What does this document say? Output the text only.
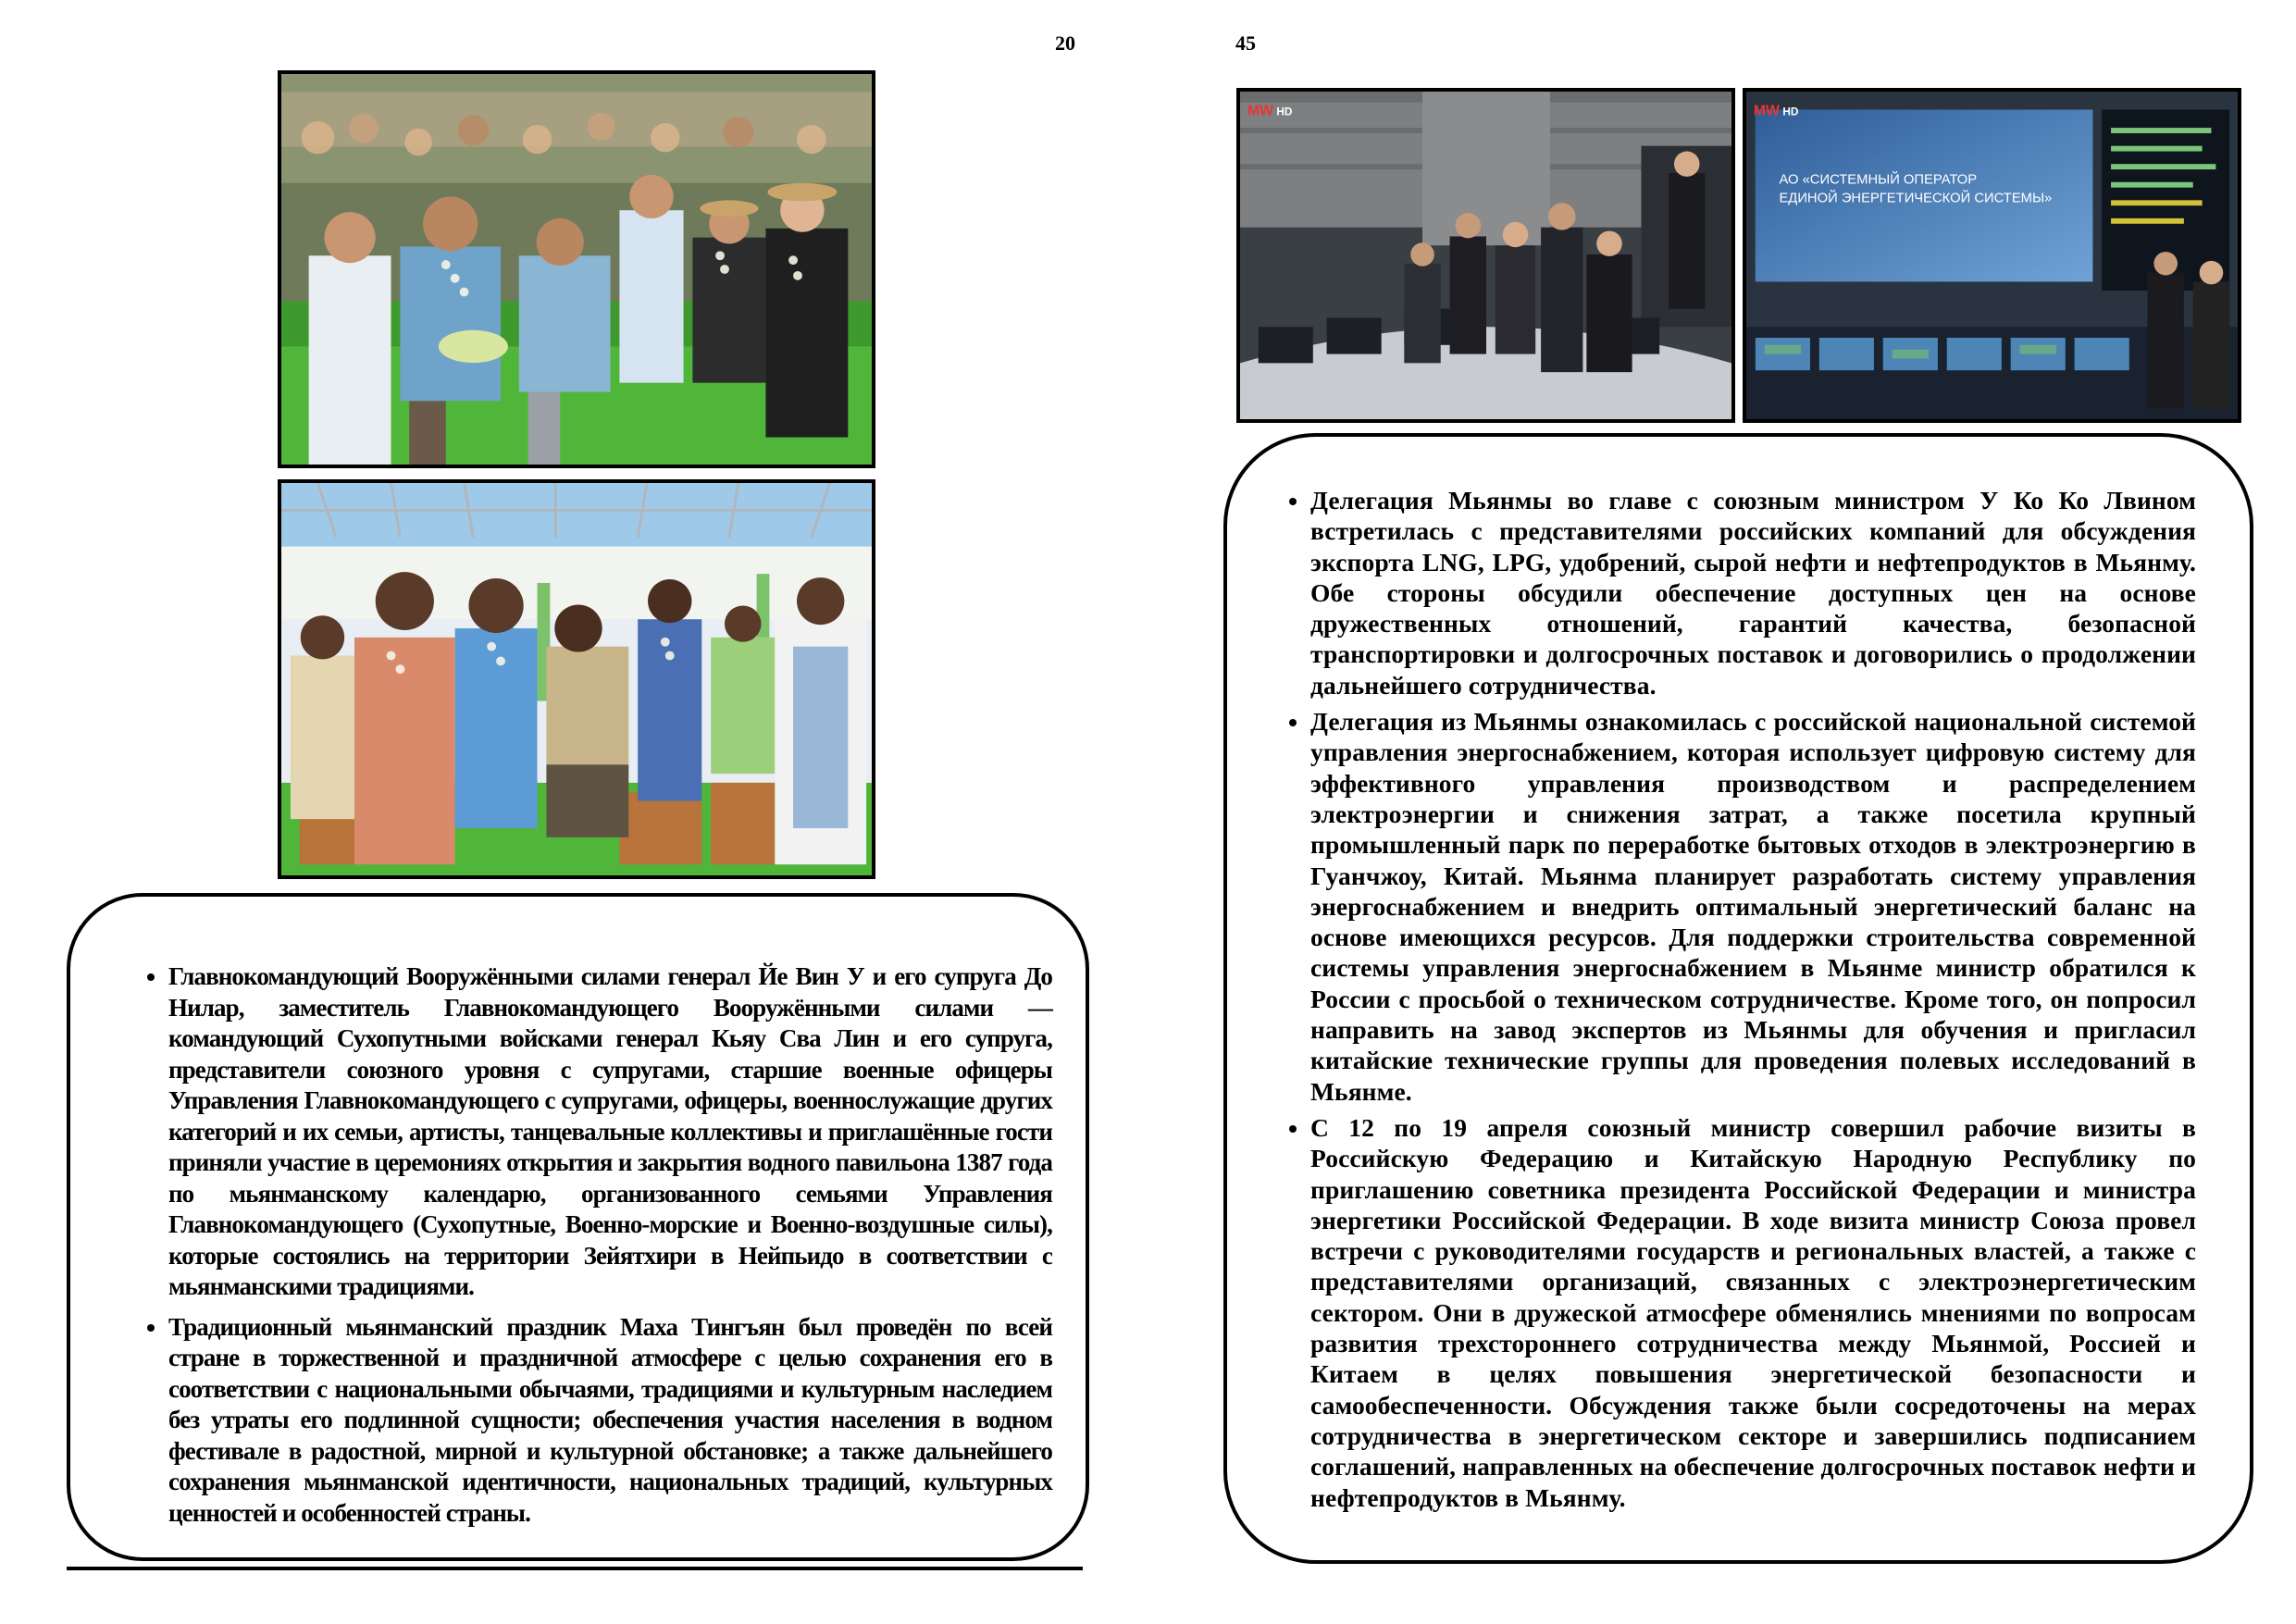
20
• Главнокомандующий Вооружёнными силами генерал Йе Вин У и его супруга До Нилар, заместитель Главнокомандующего Вооружёнными силами — командующий Сухопутными войсками генерал Кьяу Сва Лин и его супруга, представители союзного уровня с супругами, старшие военные офицеры Управления Главнокомандующего с супругами, офицеры, военнослужащие других категорий и их семьи, артисты, танцевальные коллективы и приглашённые гости приняли участие в церемониях открытия и закрытия водного павильона 1387 года по мьянманскому календарю, организованного семьями Управления Главнокомандующего (Сухопутные, Военно-морские и Военно-воздушные силы), которые состоялись на территории Зейятхири в Нейпьидо в соответствии с мьянманскими традициями.
• Традиционный мьянманский праздник Маха Тингъян был проведён по всей стране в торжественной и праздничной атмосфере с целью сохранения его в соответствии с национальными обычаями, традициями и культурным наследием без утраты его подлинной сущности; обеспечения участия населения в водном фестивале в радостной, мирной и культурной обстановке; а также дальнейшего сохранения мьянманской идентичности, национальных традиций, культурных ценностей и особенностей страны.
45
MW HD
АО «СИСТЕМНЫЙ ОПЕРАТОР
ЕДИНОЙ ЭНЕРГЕТИЧЕСКОЙ СИСТЕМЫ»
MW HD
• Делегация Мьянмы во главе с союзным министром У Ко Ко Лвином встретилась с представителями российских компаний для обсуждения экспорта LNG, LPG, удобрений, сырой нефти и нефтепродуктов в Мьянму. Обе стороны обсудили обеспечение доступных цен на основе дружественных отношений, гарантий качества, безопасной транспортировки и долгосрочных поставок и договорились о продолжении дальнейшего сотрудничества.
• Делегация из Мьянмы ознакомилась с российской национальной системой управления энергоснабжением, которая использует цифровую систему для эффективного управления производством и распределением электроэнергии и снижения затрат, а также посетила крупный промышленный парк по переработке бытовых отходов в электроэнергию в Гуанчжоу, Китай. Мьянма планирует разработать систему управления энергоснабжением и внедрить оптимальный энергетический баланс на основе имеющихся ресурсов. Для поддержки строительства современной системы управления энергоснабжением в Мьянме министр обратился к России с просьбой о техническом сотрудничестве. Кроме того, он попросил направить на завод экспертов из Мьянмы для обучения и пригласил китайские технические группы для проведения полевых исследований в Мьянме.
• С 12 по 19 апреля союзный министр совершил рабочие визиты в Российскую Федерацию и Китайскую Народную Республику по приглашению советника президента Российской Федерации и министра энергетики Российской Федерации. В ходе визита министр Союза провел встречи с руководителями государств и региональных властей, а также с представителями организаций, связанных с электроэнергетическим сектором. Они в дружеской атмосфере обменялись мнениями по вопросам развития трехстороннего сотрудничества между Мьянмой, Россией и Китаем в целях повышения энергетической безопасности и самообеспеченности. Обсуждения также были сосредоточены на мерах сотрудничества в энергетическом секторе и завершились подписанием соглашений, направленных на обеспечение долгосрочных поставок нефти и нефтепродуктов в Мьянму.
